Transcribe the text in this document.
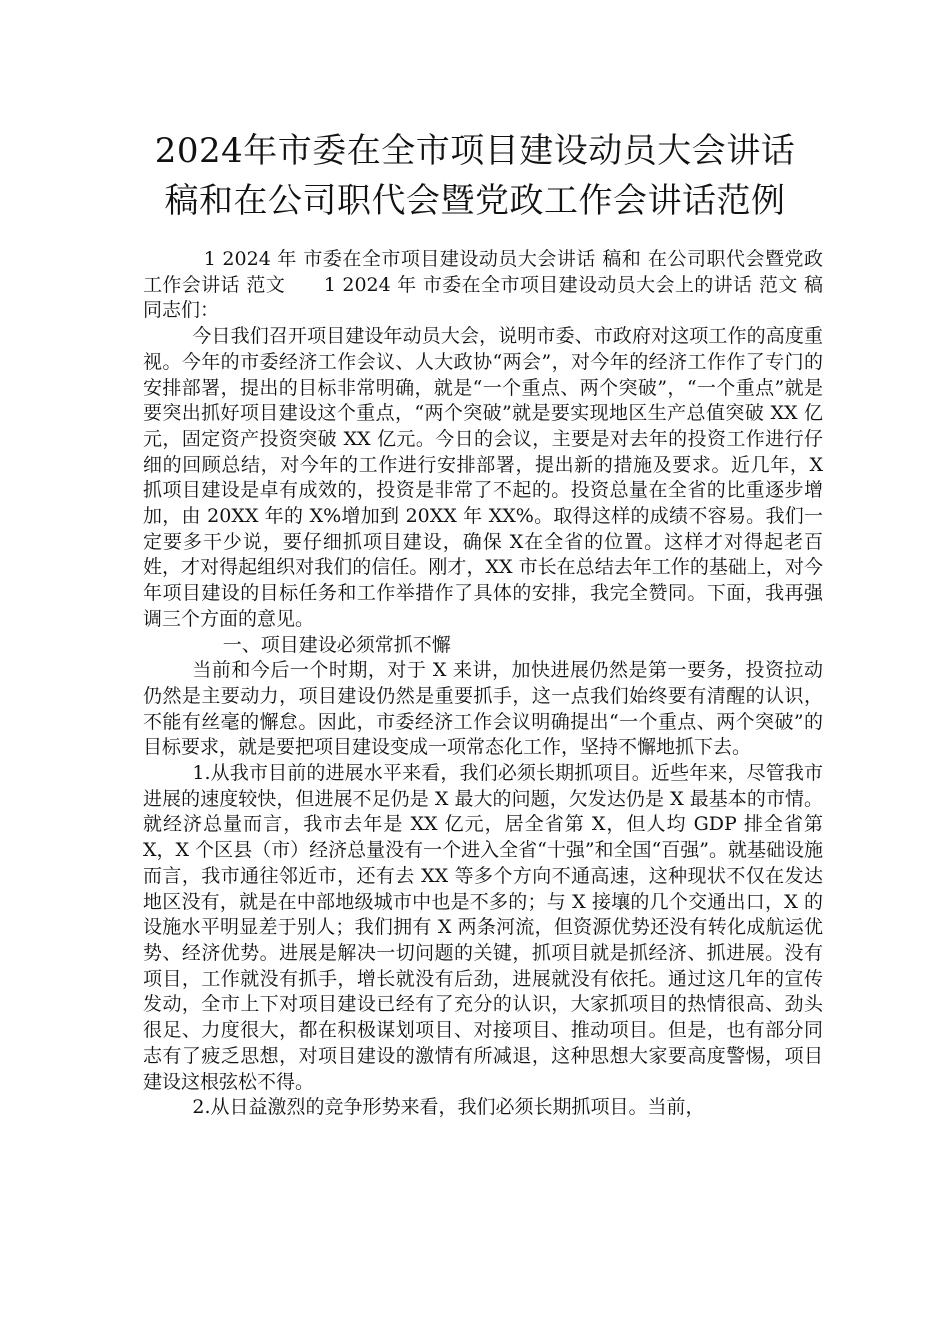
2024年市委在全市项目建设动员大会讲话
稿和在公司职代会暨党政工作会讲话范例

1 2024 年 市委在全市项目建设动员大会讲话 稿和 在公司职代会暨党政工作会讲话 范文　　1 2024 年 市委在全市项目建设动员大会上的讲话 范文 稿　　同志们：

今日我们召开项目建设年动员大会，说明市委、市政府对这项工作的高度重视。今年的市委经济工作会议、人大政协“两会”，对今年的经济工作作了专门的安排部署，提出的目标非常明确，就是“一个重点、两个突破”，“一个重点”就是要突出抓好项目建设这个重点，“两个突破”就是要实现地区生产总值突破 XX 亿元，固定资产投资突破 XX 亿元。今日的会议，主要是对去年的投资工作进行仔细的回顾总结，对今年的工作进行安排部署，提出新的措施及要求。近几年，X 抓项目建设是卓有成效的，投资是非常了不起的。投资总量在全省的比重逐步增加，由 20XX 年的 X%增加到 20XX 年 XX%。取得这样的成绩不容易。我们一定要多干少说，要仔细抓项目建设，确保 X在全省的位置。这样才对得起老百姓，才对得起组织对我们的信任。刚才，XX 市长在总结去年工作的基础上，对今年项目建设的目标任务和工作举措作了具体的安排，我完全赞同。下面，我再强调三个方面的意见。

一、项目建设必须常抓不懈

当前和今后一个时期，对于 X 来讲，加快进展仍然是第一要务，投资拉动仍然是主要动力，项目建设仍然是重要抓手，这一点我们始终要有清醒的认识，不能有丝毫的懈怠。因此，市委经济工作会议明确提出“一个重点、两个突破”的目标要求，就是要把项目建设变成一项常态化工作，坚持不懈地抓下去。

1.从我市目前的进展水平来看，我们必须长期抓项目。近些年来，尽管我市进展的速度较快，但进展不足仍是 X 最大的问题，欠发达仍是 X 最基本的市情。就经济总量而言，我市去年是 XX 亿元，居全省第 X，但人均 GDP 排全省第 X，X 个区县（市）经济总量没有一个进入全省“十强”和全国“百强”。就基础设施而言，我市通往邻近市，还有去 XX 等多个方向不通高速，这种现状不仅在发达地区没有，就是在中部地级城市中也是不多的；与 X 接壤的几个交通出口，X 的设施水平明显差于别人；我们拥有 X 两条河流，但资源优势还没有转化成航运优势、经济优势。进展是解决一切问题的关键，抓项目就是抓经济、抓进展。没有项目，工作就没有抓手，增长就没有后劲，进展就没有依托。通过这几年的宣传发动，全市上下对项目建设已经有了充分的认识，大家抓项目的热情很高、劲头很足、力度很大，都在积极谋划项目、对接项目、推动项目。但是，也有部分同志有了疲乏思想，对项目建设的激情有所减退，这种思想大家要高度警惕，项目建设这根弦松不得。

2.从日益激烈的竞争形势来看，我们必须长期抓项目。当前，
